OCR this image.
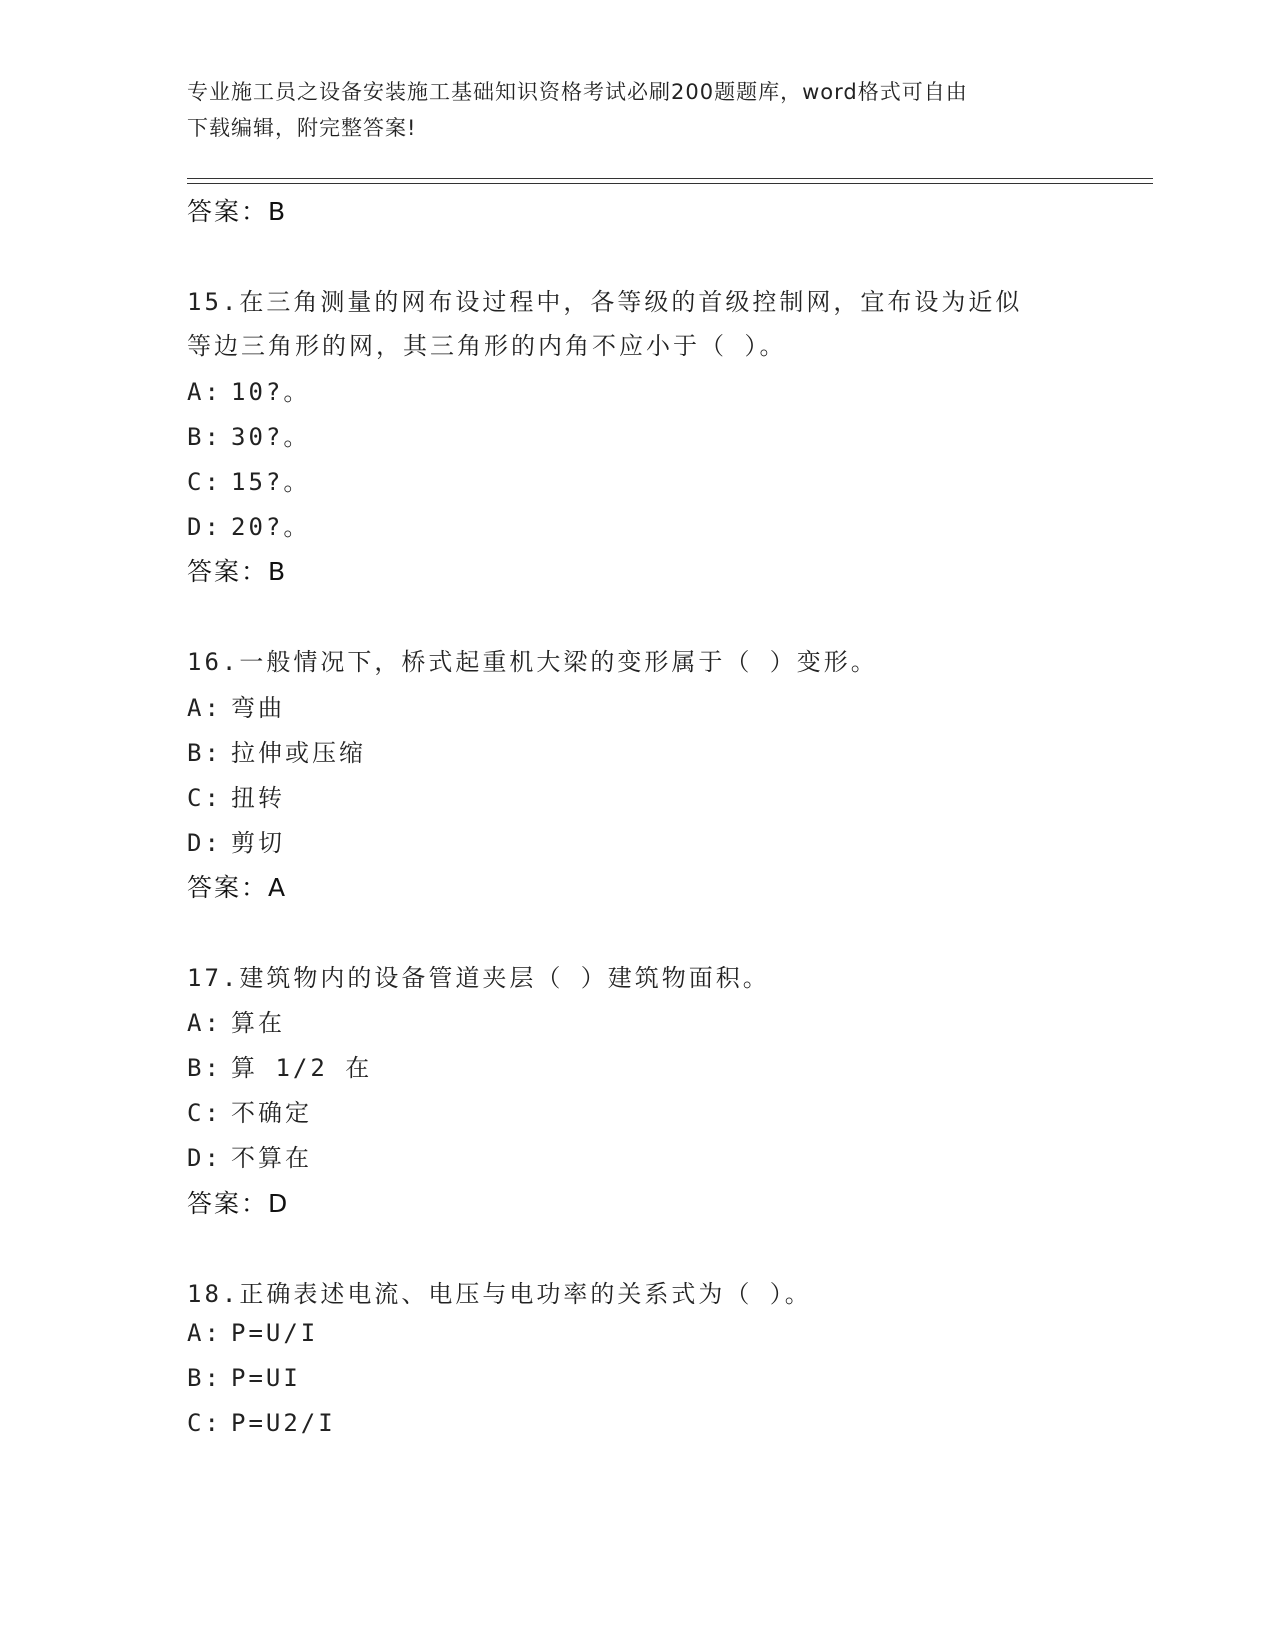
专业施工员之设备安装施工基础知识资格考试必刷200题题库，word格式可自由
下载编辑，附完整答案!
答案：B
15.在三角测量的网布设过程中，各等级的首级控制网，宜布设为近似
等边三角形的网，其三角形的内角不应小于（ ）。
A: 10?。
B: 30?。
C: 15?。
D: 20?。
答案：B
16.一般情况下，桥式起重机大梁的变形属于（ ）变形。
A: 弯曲
B: 拉伸或压缩
C: 扭转
D: 剪切
答案：A
17.建筑物内的设备管道夹层（ ）建筑物面积。
A: 算在
B: 算 1/2 在
C: 不确定
D: 不算在
答案：D
18.正确表述电流、电压与电功率的关系式为（ ）。
A: P=U/I
B: P=UI
C: P=U2/I
